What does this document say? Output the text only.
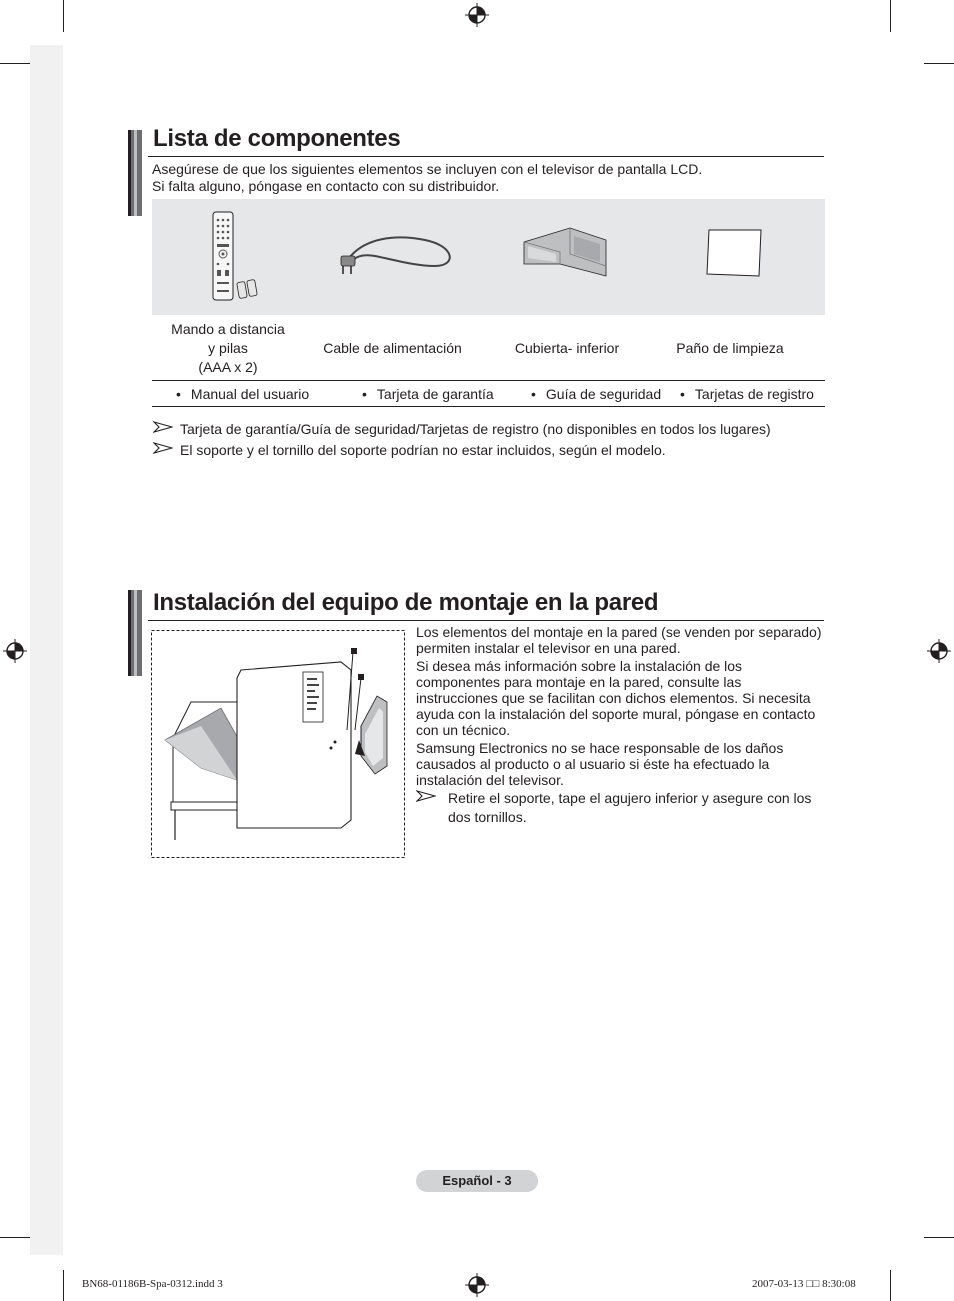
Lista de componentes
Asegúrese de que los siguientes elementos se incluyen con el televisor de pantalla LCD.
Si falta alguno, póngase en contacto con su distribuidor.
Mando a distancia
y pilas
(AAA x 2)
Cable de alimentación	Cubierta- inferior	Paño de limpieza
• Manual del usuario	• Tarjeta de garantía	• Guía de seguridad • Tarjetas de registro
Tarjeta de garantía/Guía de seguridad/Tarjetas de registro (no disponibles en todos los lugares)
El soporte y el tornillo del soporte podrían no estar incluidos, según el modelo.
Instalación del equipo de montaje en la pared

Los elementos del montaje en la pared (se venden por separado) permiten instalar el televisor en una pared.

Si desea más información sobre la instalación de los componentes para montaje en la pared, consulte las instrucciones que se facilitan con dichos elementos. Si necesita ayuda con la instalación del soporte mural, póngase en contacto con un técnico.

Samsung Electronics no se hace responsable de los daños causados al producto o al usuario si éste ha efectuado la instalación del televisor.

Retire el soporte, tape el agujero inferior y asegure con los dos tornillos.
Español - 3
BN68-01186B-Spa-0312.indd 3	2007-03-13 □□ 8:30:08
